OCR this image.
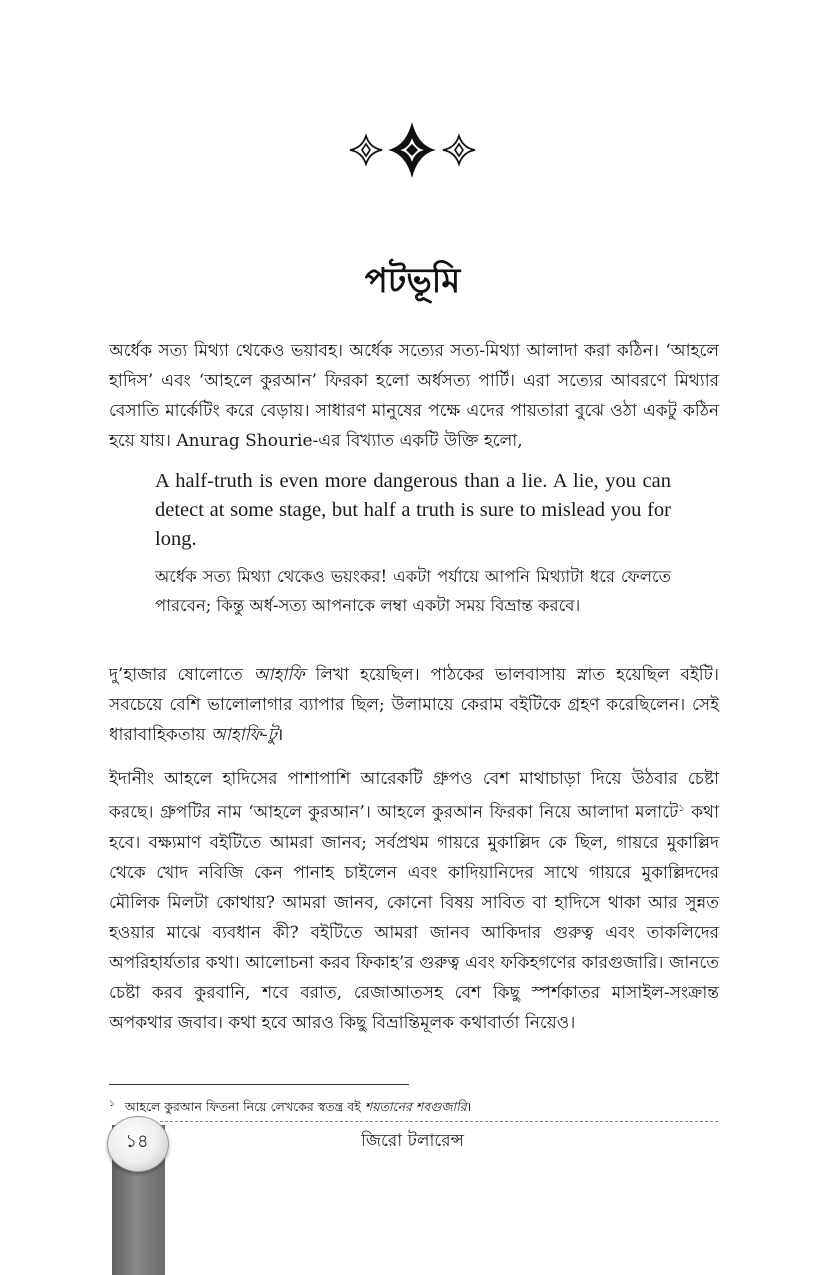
পটভূমি

অর্ধেক সত্য মিথ্যা থেকেও ভয়াবহ। অর্ধেক সত্যের সত্য-মিথ্যা আলাদা করা কঠিন। ‘আহলে হাদিস’ এবং ‘আহলে কুরআন’ ফিরকা হলো অর্ধসত্য পার্টি। এরা সত্যের আবরণে মিথ্যার বেসাতি মার্কেটিং করে বেড়ায়। সাধারণ মানুষের পক্ষে এদের পায়তারা বুঝে ওঠা একটু কঠিন হয়ে যায়। Anurag Shourie-এর বিখ্যাত একটি উক্তি হলো,

A half-truth is even more dangerous than a lie. A lie, you can detect at some stage, but half a truth is sure to mislead you for long.

অর্ধেক সত্য মিথ্যা থেকেও ভয়ংকর! একটা পর্যায়ে আপনি মিথ্যাটা ধরে ফেলতে পারবেন; কিন্তু অর্ধ-সত্য আপনাকে লম্বা একটা সময় বিভ্রান্ত করবে।

দু’হাজার ষোলোতে আহাফি লিখা হয়েছিল। পাঠকের ভালবাসায় স্নাত হয়েছিল বইটি। সবচেয়ে বেশি ভালোলাগার ব্যাপার ছিল; উলামায়ে কেরাম বইটিকে গ্রহণ করেছিলেন। সেই ধারাবাহিকতায় আহাফি-টু।

ইদানীং আহলে হাদিসের পাশাপাশি আরেকটি গ্রুপও বেশ মাথাচাড়া দিয়ে উঠবার চেষ্টা করছে। গ্রুপটির নাম ‘আহলে কুরআন’। আহলে কুরআন ফিরকা নিয়ে আলাদা মলাটে$^১$ কথা হবে। বক্ষ্যমাণ বইটিতে আমরা জানব; সর্বপ্রথম গায়রে মুকাল্লিদ কে ছিল, গায়রে মুকাল্লিদ থেকে খোদ নবিজি কেন পানাহ চাইলেন এবং কাদিয়ানিদের সাথে গায়রে মুকাল্লিদদের মৌলিক মিলটা কোথায়? আমরা জানব, কোনো বিষয় সাবিত বা হাদিসে থাকা আর সুন্নত হওয়ার মাঝে ব্যবধান কী? বইটিতে আমরা জানব আকিদার গুরুত্ব এবং তাকলিদের অপরিহার্যতার কথা। আলোচনা করব ফিকাহ’র গুরুত্ব এবং ফকিহগণের কারগুজারি। জানতে চেষ্টা করব কুরবানি, শবে বরাত, রেজাআতসহ বেশ কিছু স্পর্শকাতর মাসাইল-সংক্রান্ত অপকথার জবাব। কথা হবে আরও কিছু বিভ্রান্তিমূলক কথাবার্তা নিয়েও।

$^১$ আহলে কুরআন ফিতনা নিয়ে লেখকের স্বতন্ত্র বই শয়তানের শবগুজারি।

১৪	জিরো টলারেন্স
